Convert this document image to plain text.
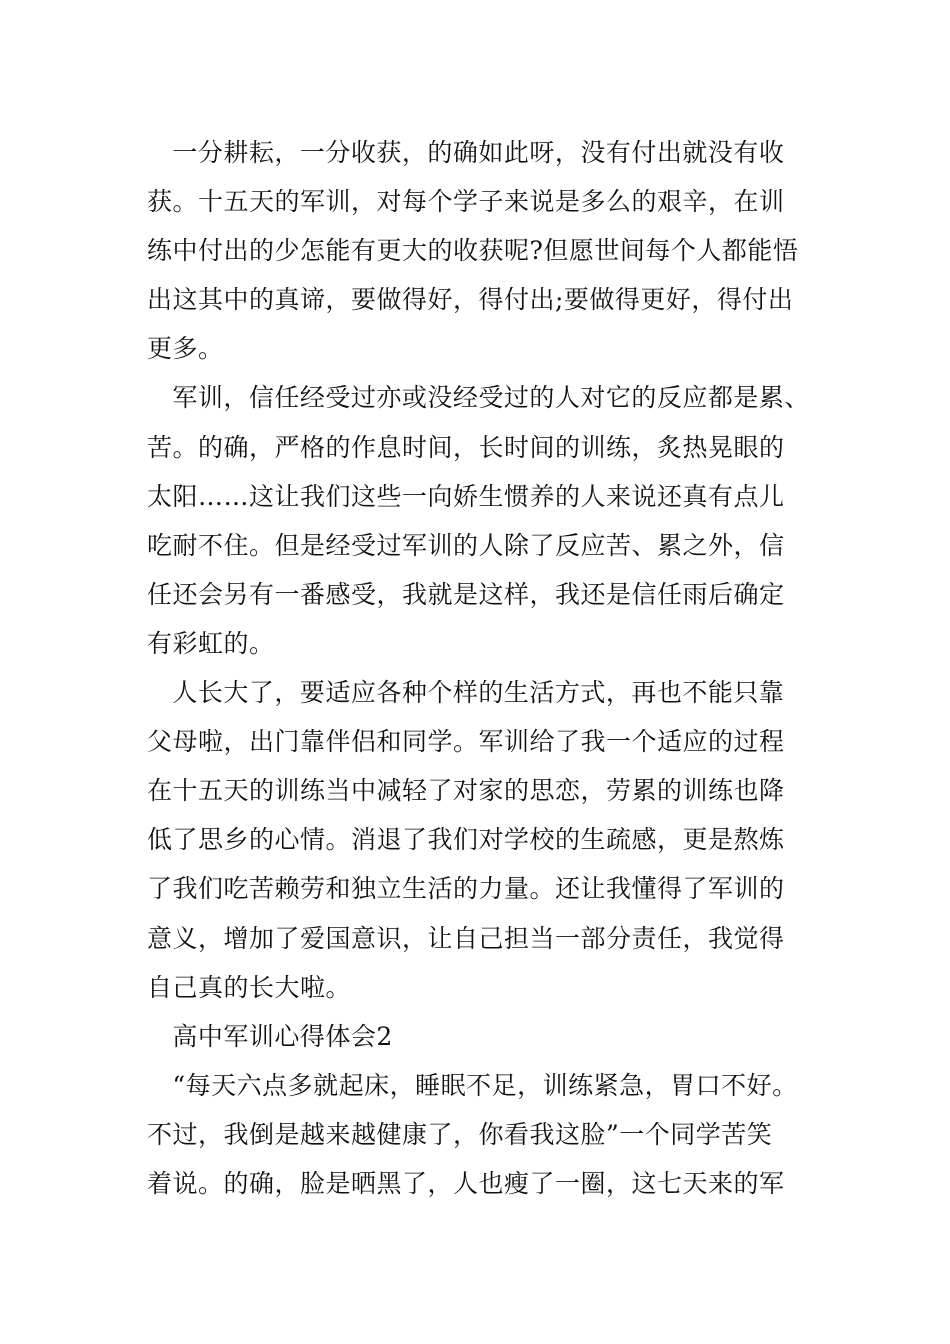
一分耕耘，一分收获，的确如此呀，没有付出就没有收
获。十五天的军训，对每个学子来说是多么的艰辛，在训
练中付出的少怎能有更大的收获呢?但愿世间每个人都能悟
出这其中的真谛，要做得好，得付出;要做得更好，得付出
更多。
军训，信任经受过亦或没经受过的人对它的反应都是累、
苦。的确，严格的作息时间，长时间的训练，炙热晃眼的
太阳……这让我们这些一向娇生惯养的人来说还真有点儿
吃耐不住。但是经受过军训的人除了反应苦、累之外，信
任还会另有一番感受，我就是这样，我还是信任雨后确定
有彩虹的。
人长大了，要适应各种个样的生活方式，再也不能只靠
父母啦，出门靠伴侣和同学。军训给了我一个适应的过程
在十五天的训练当中减轻了对家的思恋，劳累的训练也降
低了思乡的心情。消退了我们对学校的生疏感，更是熬炼
了我们吃苦赖劳和独立生活的力量。还让我懂得了军训的
意义，增加了爱国意识，让自己担当一部分责任，我觉得
自己真的长大啦。
高中军训心得体会2
“每天六点多就起床，睡眠不足，训练紧急，胃口不好。
不过，我倒是越来越健康了，你看我这脸”一个同学苦笑
着说。的确，脸是晒黑了，人也瘦了一圈，这七天来的军
